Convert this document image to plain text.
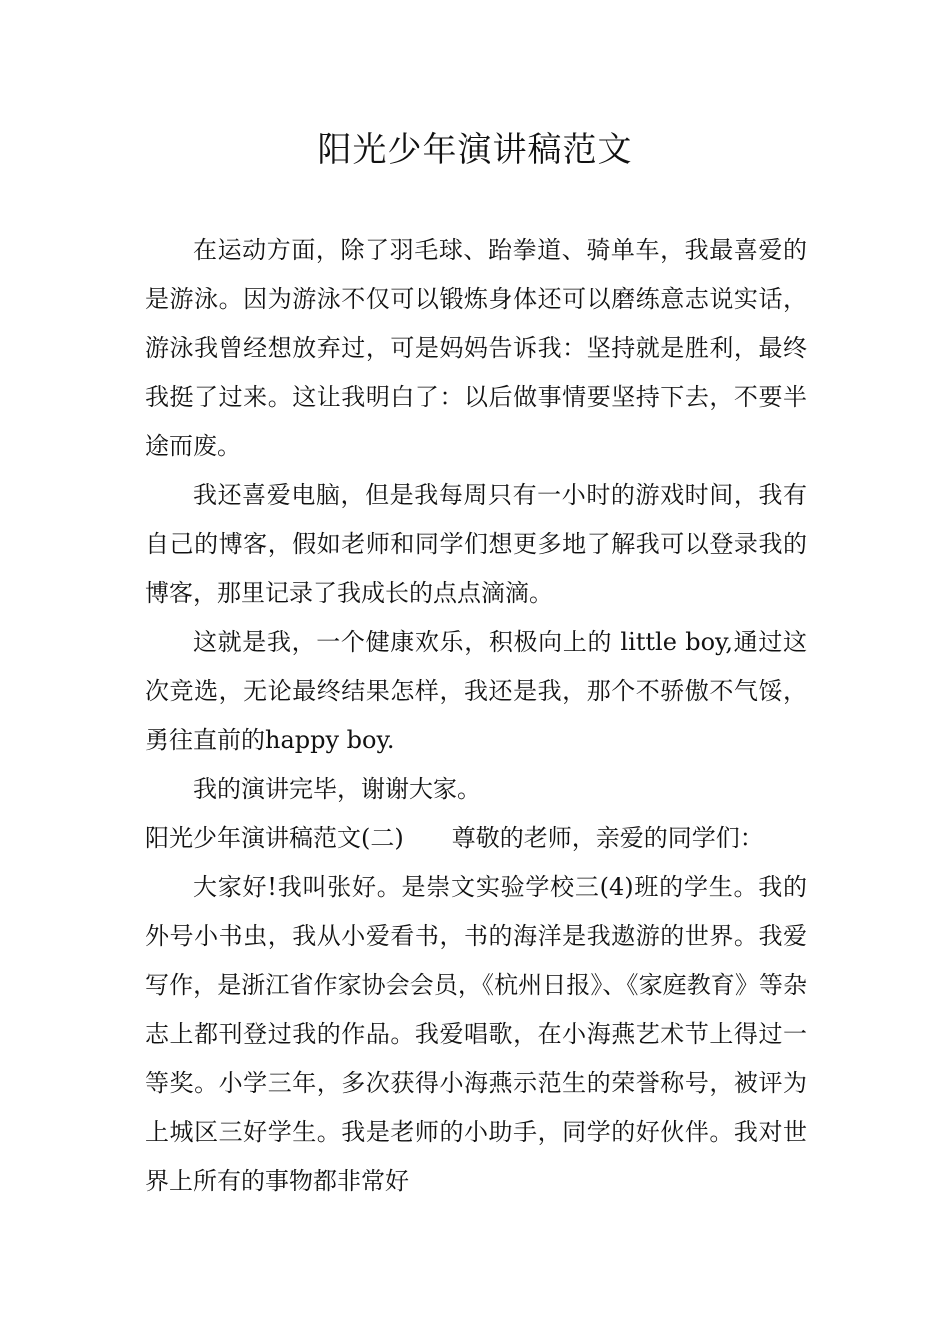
阳光少年演讲稿范文

在运动方面，除了羽毛球、跆拳道、骑单车，我最喜爱的是游泳。因为游泳不仅可以锻炼身体还可以磨练意志说实话，游泳我曾经想放弃过，可是妈妈告诉我：坚持就是胜利，最终我挺了过来。这让我明白了：以后做事情要坚持下去，不要半途而废。

我还喜爱电脑，但是我每周只有一小时的游戏时间，我有自己的博客，假如老师和同学们想更多地了解我可以登录我的博客，那里记录了我成长的点点滴滴。

这就是我，一个健康欢乐，积极向上的 little boy,通过这次竞选，无论最终结果怎样，我还是我，那个不骄傲不气馁，勇往直前的happy boy.

我的演讲完毕，谢谢大家。

阳光少年演讲稿范文(二)　　尊敬的老师，亲爱的同学们：

大家好!我叫张好。是崇文实验学校三(4)班的学生。我的外号小书虫，我从小爱看书，书的海洋是我遨游的世界。我爱写作，是浙江省作家协会会员，《杭州日报》、《家庭教育》等杂志上都刊登过我的作品。我爱唱歌，在小海燕艺术节上得过一等奖。小学三年，多次获得小海燕示范生的荣誉称号，被评为上城区三好学生。我是老师的小助手，同学的好伙伴。我对世界上所有的事物都非常好
